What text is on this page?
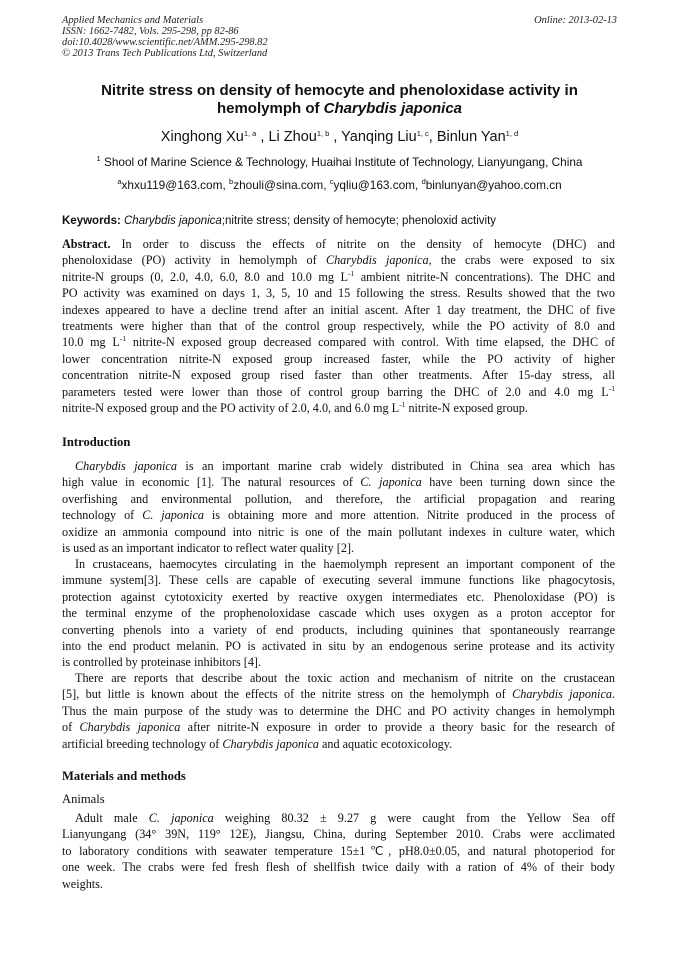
Applied Mechanics and Materials
ISSN: 1662-7482, Vols. 295-298, pp 82-86
doi:10.4028/www.scientific.net/AMM.295-298.82
© 2013 Trans Tech Publications Ltd, Switzerland
Online: 2013-02-13
Nitrite stress on density of hemocyte and phenoloxidase activity in
hemolymph of Charybdis japonica
Xinghong Xu$^{1, a}$ , Li Zhou$^{1, b}$ , Yanqing Liu$^{1, c}$, Binlun Yan$^{1, d}$
$^1$ Shool of Marine Science & Technology, Huaihai Institute of Technology, Lianyungang, China
$^a$xhxu119@163.com, $^b$zhouli@sina.com, $^c$yqliu@163.com, $^d$binlunyan@yahoo.com.cn
Keywords: Charybdis japonica;nitrite stress; density of hemocyte; phenoloxid activity
Abstract. In order to discuss the effects of nitrite on the density of hemocyte (DHC) and
phenoloxidase (PO) activity in hemolymph of Charybdis japonica, the crabs were exposed to six
nitrite-N groups (0, 2.0, 4.0, 6.0, 8.0 and 10.0 mg $L^{-1}$ ambient nitrite-N concentrations). The DHC and
PO activity was examined on days 1, 3, 5, 10 and 15 following the stress. Results showed that the two
indexes appeared to have a decline trend after an initial ascent. After 1 day treatment, the DHC of five
treatments were higher than that of the control group respectively, while the PO activity of 8.0 and
10.0 mg $L^{-1}$ nitrite-N exposed group decreased compared with control. With time elapsed, the DHC of
lower concentration nitrite-N exposed group increased faster, while the PO activity of higher
concentration nitrite-N exposed group rised faster than other treatments. After 15-day stress, all
parameters tested were lower than those of control group barring the DHC of 2.0 and 4.0 mg $L^{-1}$
nitrite-N exposed group and the PO activity of 2.0, 4.0, and 6.0 mg $L^{-1}$ nitrite-N exposed group.
Introduction
Charybdis japonica is an important marine crab widely distributed in China sea area which has
high value in economic [1]. The natural resources of C. japonica have been turning down since the
overfishing and environmental pollution, and therefore, the artificial propagation and rearing
technology of C. japonica is obtaining more and more attention. Nitrite produced in the process of
oxidize an ammonia compound into nitric is one of the main pollutant indexes in culture water, which
is used as an important indicator to reflect water quality [2].
In crustaceans, haemocytes circulating in the haemolymph represent an important component of the
immune system[3]. These cells are capable of executing several immune functions like phagocytosis,
protection against cytotoxicity exerted by reactive oxygen intermediates etc. Phenoloxidase (PO) is
the terminal enzyme of the prophenoloxidase cascade which uses oxygen as a proton acceptor for
converting phenols into a variety of end products, including quinines that spontaneously rearrange
into the end product melanin. PO is activated in situ by an endogenous serine protease and its activity
is controlled by proteinase inhibitors [4].
There are reports that describe about the toxic action and mechanism of nitrite on the crustacean
[5], but little is known about the effects of the nitrite stress on the hemolymph of Charybdis japonica.
Thus the main purpose of the study was to determine the DHC and PO activity changes in hemolymph
of Charybdis japonica after nitrite-N exposure in order to provide a theory basic for the research of
artificial breeding technology of Charybdis japonica and aquatic ecotoxicology.
Materials and methods
Animals
Adult male C. japonica weighing 80.32 ± 9.27 g were caught from the Yellow Sea off
Lianyungang (34° 39N, 119° 12E), Jiangsu, China, during September 2010. Crabs were acclimated
to laboratory conditions with seawater temperature 15±1℃, pH8.0±0.05, and natural photoperiod for
one week. The crabs were fed fresh flesh of shellfish twice daily with a ration of 4% of their body
weights.
